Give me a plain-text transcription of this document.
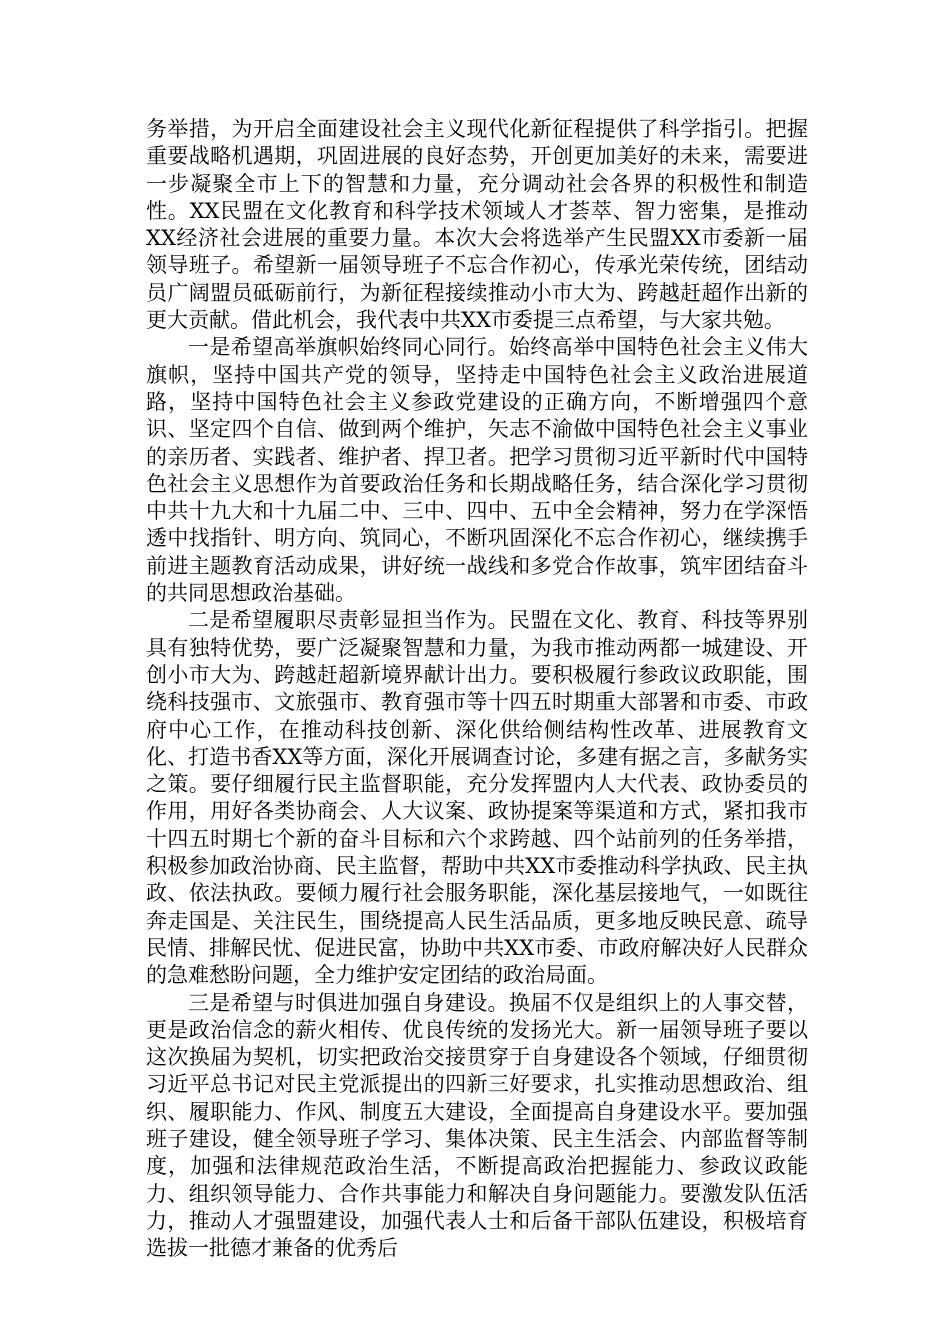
务举措，为开启全面建设社会主义现代化新征程提供了科学指引。把握重要战略机遇期，巩固进展的良好态势，开创更加美好的未来，需要进一步凝聚全市上下的智慧和力量，充分调动社会各界的积极性和制造性。XX民盟在文化教育和科学技术领域人才荟萃、智力密集，是推动XX经济社会进展的重要力量。本次大会将选举产生民盟XX市委新一届领导班子。希望新一届领导班子不忘合作初心，传承光荣传统，团结动员广阔盟员砥砺前行，为新征程接续推动小市大为、跨越赶超作出新的更大贡献。借此机会，我代表中共XX市委提三点希望，与大家共勉。

一是希望高举旗帜始终同心同行。始终高举中国特色社会主义伟大旗帜，坚持中国共产党的领导，坚持走中国特色社会主义政治进展道路，坚持中国特色社会主义参政党建设的正确方向，不断增强四个意识、坚定四个自信、做到两个维护，矢志不渝做中国特色社会主义事业的亲历者、实践者、维护者、捍卫者。把学习贯彻习近平新时代中国特色社会主义思想作为首要政治任务和长期战略任务，结合深化学习贯彻中共十九大和十九届二中、三中、四中、五中全会精神，努力在学深悟透中找指针、明方向、筑同心，不断巩固深化不忘合作初心，继续携手前进主题教育活动成果，讲好统一战线和多党合作故事，筑牢团结奋斗的共同思想政治基础。

二是希望履职尽责彰显担当作为。民盟在文化、教育、科技等界别具有独特优势，要广泛凝聚智慧和力量，为我市推动两都一城建设、开创小市大为、跨越赶超新境界献计出力。要积极履行参政议政职能，围绕科技强市、文旅强市、教育强市等十四五时期重大部署和市委、市政府中心工作，在推动科技创新、深化供给侧结构性改革、进展教育文化、打造书香XX等方面，深化开展调查讨论，多建有据之言，多献务实之策。要仔细履行民主监督职能，充分发挥盟内人大代表、政协委员的作用，用好各类协商会、人大议案、政协提案等渠道和方式，紧扣我市十四五时期七个新的奋斗目标和六个求跨越、四个站前列的任务举措，积极参加政治协商、民主监督，帮助中共XX市委推动科学执政、民主执政、依法执政。要倾力履行社会服务职能，深化基层接地气，一如既往奔走国是、关注民生，围绕提高人民生活品质，更多地反映民意、疏导民情、排解民忧、促进民富，协助中共XX市委、市政府解决好人民群众的急难愁盼问题，全力维护安定团结的政治局面。

三是希望与时俱进加强自身建设。换届不仅是组织上的人事交替，更是政治信念的薪火相传、优良传统的发扬光大。新一届领导班子要以这次换届为契机，切实把政治交接贯穿于自身建设各个领域，仔细贯彻习近平总书记对民主党派提出的四新三好要求，扎实推动思想政治、组织、履职能力、作风、制度五大建设，全面提高自身建设水平。要加强班子建设，健全领导班子学习、集体决策、民主生活会、内部监督等制度，加强和法律规范政治生活，不断提高政治把握能力、参政议政能力、组织领导能力、合作共事能力和解决自身问题能力。要激发队伍活力，推动人才强盟建设，加强代表人士和后备干部队伍建设，积极培育选拔一批德才兼备的优秀后
